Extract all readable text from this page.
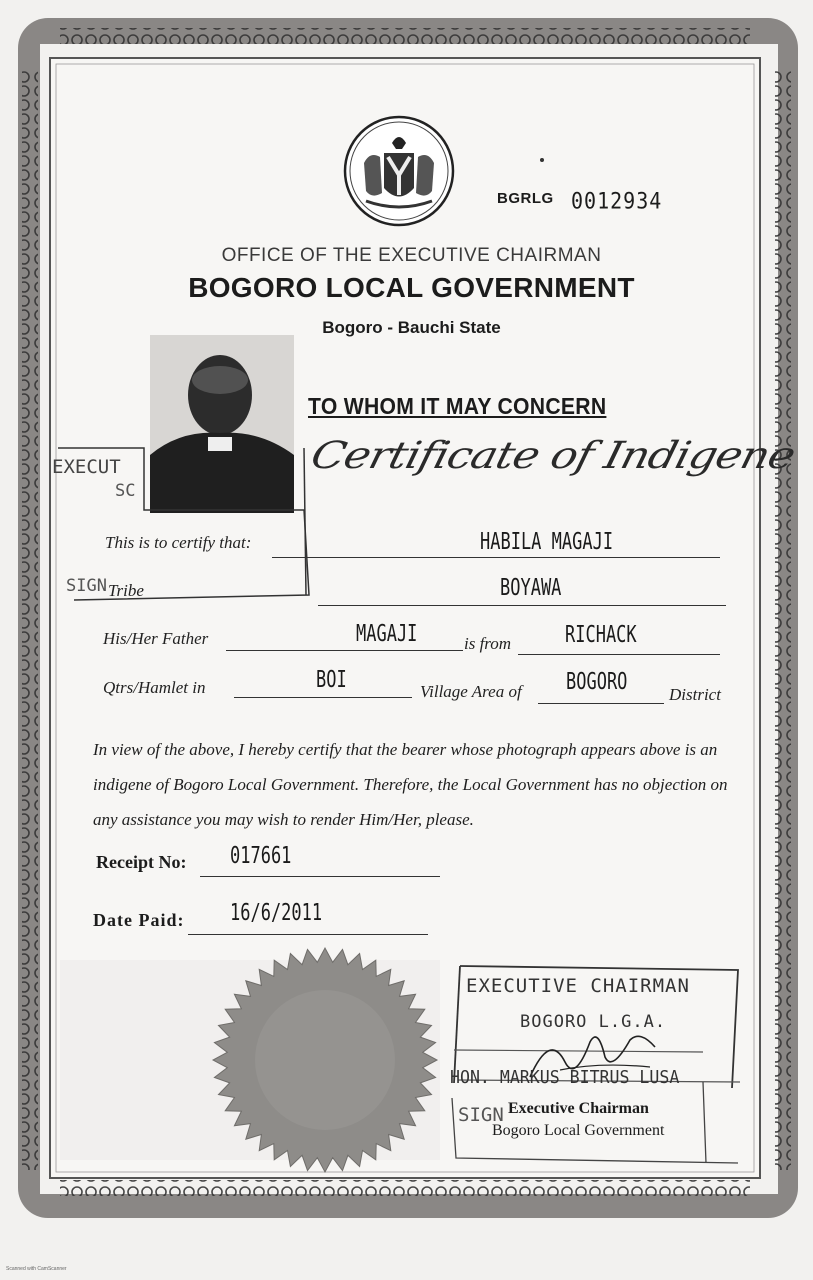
BGRLG 0012934
OFFICE OF THE EXECUTIVE CHAIRMAN
BOGORO LOCAL GOVERNMENT
Bogoro - Bauchi State
EXECUT
SC
TO WHOM IT MAY CONCERN
Certificate of Indigene
This is to certify that:	HABILA MAGAJI
SIGN Tribe	BOYAWA
His/Her Father	MAGAJI	is from	RICHACK
Qtrs/Hamlet in	BOI	Village Area of BOGORO District
In view of the above, I hereby certify that the bearer whose photograph appears above is an indigene of Bogoro Local Government. Therefore, the Local Government has no objection on any assistance you may wish to render Him/Her, please.
Receipt No: 017661
Date Paid: 16/6/2011
EXECUTIVE CHAIRMAN
BOGORO L.G.A.
HON. MARKUS BITRUS LUSA
SIGN Executive Chairman
Bogoro Local Government
Scanned with CamScanner
